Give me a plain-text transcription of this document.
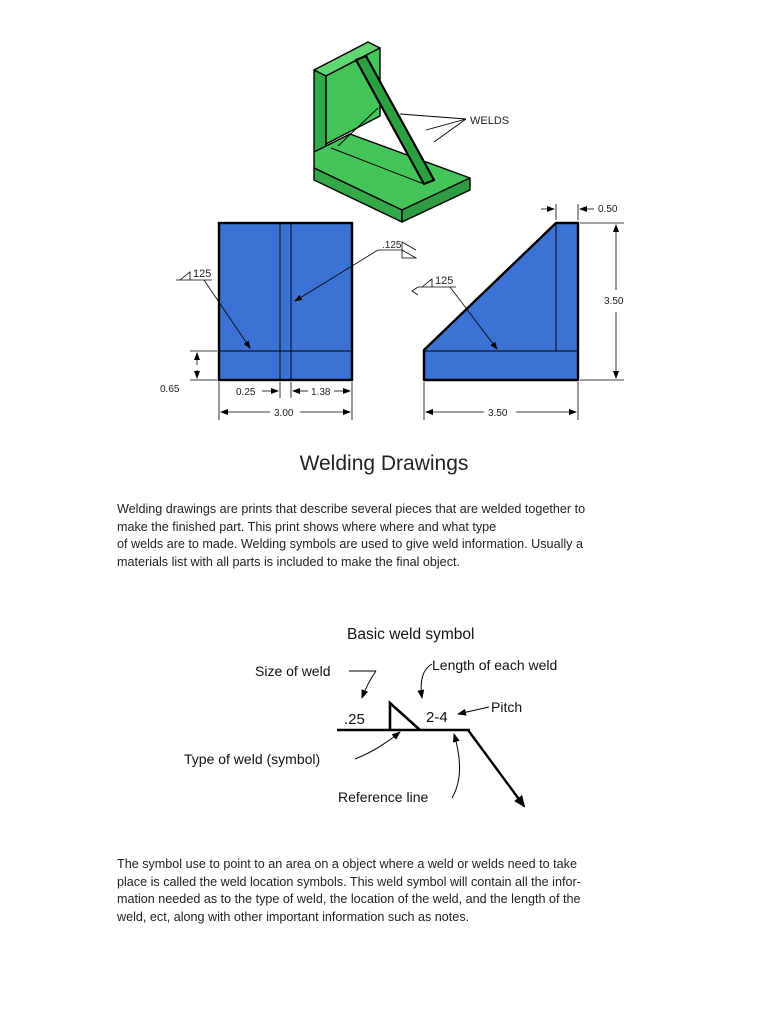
WELDS
125
.125
0.65	0.25	1.38
3.00
125
0.50
3.50
3.50
Welding Drawings
Welding drawings are prints that describe several pieces that are welded together to
make the finished part. This print shows where where and what type
of welds are to made. Welding symbols are used to give weld information. Usually a
materials list with all parts is included to make the final object.
Basic weld symbol
Size of weld	Length of each weld
Pitch
.25	2-4
Type of weld (symbol)
Reference line
The symbol use to point to an area on a object where a weld or welds need to take
place is called the weld location symbols. This weld symbol will contain all the infor-
mation needed as to the type of weld, the location of the weld, and the length of the
weld, ect, along with other important information such as notes.
